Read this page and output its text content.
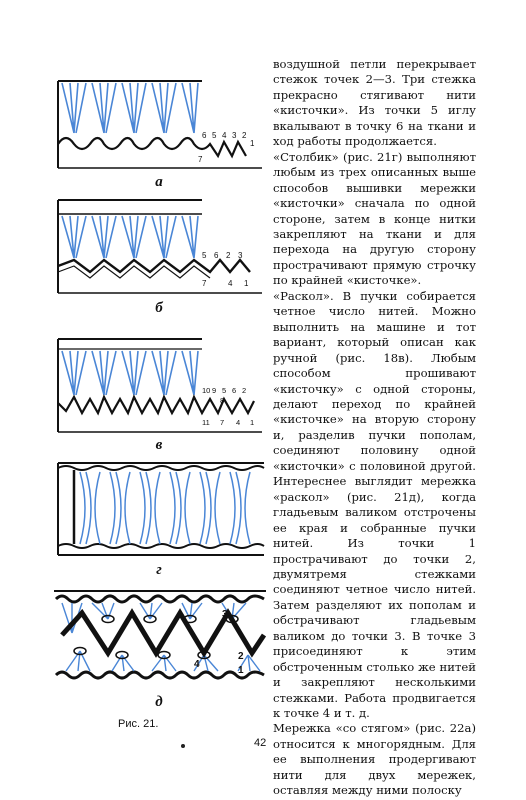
6 5 4 3 2
1
7
а
5 6 2 3
7	4 1
б
10 9 5 6 2
8
11 7 4 1
в
г
3
4
2
1
д
Рис. 21.

воздушной петли перекрывает стежок точек 2—3. Три стежка прекрасно стягивают нити «кисточки». Из точки 5 иглу вкалывают в точку 6 на ткани и ход работы продолжается.

«Столбик» (рис. 21г) выполняют любым из трех описанных выше способов вышивки мережки «кисточки» сначала по одной стороне, затем в конце нитки закрепляют на ткани и для перехода на другую сторону прострачивают прямую строчку по крайней «кисточке».

«Раскол». В пучки собирается четное число нитей. Можно выполнить на машине и тот вариант, который описан как ручной (рис. 18в). Любым способом прошивают «кисточку» с одной стороны, делают переход по крайней «кисточке» на вторую сторону и, разделив пучки пополам, соединяют половину одной «кисточки» с половиной другой. Интереснее выглядит мережка «раскол» (рис. 21д), когда гладьевым валиком отстрочены ее края и собранные пучки нитей. Из точки 1 прострачивают до точки 2, двумятремя стежками соединяют четное число нитей. Затем разделяют их пополам и обстрачивают гладьевым валиком до точки 3. В точке 3 присоединяют к этим обстроченным столько же нитей и закрепляют несколькими стежками. Работа продвигается к точке 4 и т. д.

Мережка «со стягом» (рис. 22а) относится к многорядным. Для ее выполнения продергивают нити для двух мережек, оставляя между ними полоску

42
